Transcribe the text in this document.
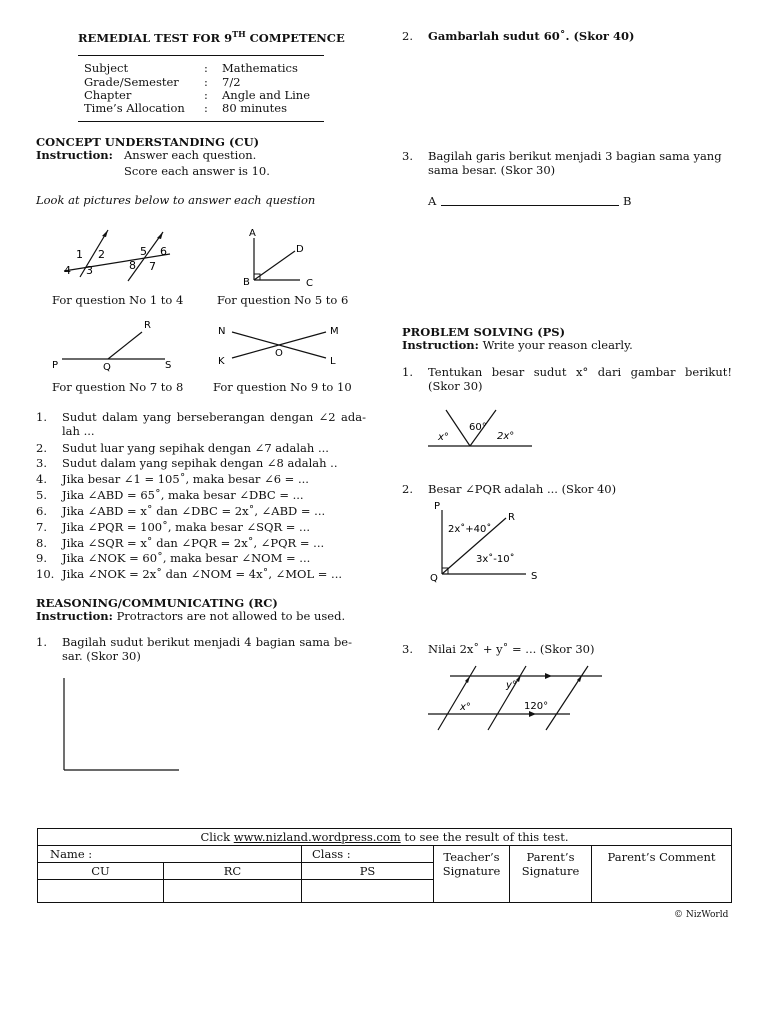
REMEDIAL TEST FOR 9TH COMPETENCE
Subject	:	Mathematics
Grade/Semester	:	7/2
Chapter	:	Angle and Line
Time’s Allocation	:	80 minutes
CONCEPT UNDERSTANDING (CU)
Instruction: Answer each question.
Score each answer is 10.
Look at pictures below to answer each question
1 2
4 3
5 6
8 7
A
D
B	C
For question No 1 to 4	For question No 5 to 6
R
P	Q	S
N	M
O
K	L
For question No 7 to 8	For question No 9 to 10
1.	Sudut dalam yang berseberangan dengan ∠2 ada-lah ...
2.	Sudut luar yang sepihak dengan ∠7 adalah ...
3.	Sudut dalam yang sepihak dengan ∠8 adalah ..
4.	Jika besar ∠1 = 105˚, maka besar ∠6 = ...
5.	Jika ∠ABD = 65˚, maka besar ∠DBC = ...
6.	Jika ∠ABD = x˚ dan ∠DBC = 2x˚, ∠ABD = ...
7.	Jika ∠PQR = 100˚, maka besar ∠SQR = ...
8.	Jika ∠SQR = x˚ dan ∠PQR = 2x˚, ∠PQR = ...
9.	Jika ∠NOK = 60˚, maka besar ∠NOM = ...
10. Jika ∠NOK = 2x˚ dan ∠NOM = 4x˚, ∠MOL = ...
REASONING/COMMUNICATING (RC)
Instruction: Protractors are not allowed to be used.
1.	Bagilah sudut berikut menjadi 4 bagian sama be-sar. (Skor 30)
2.	Gambarlah sudut 60˚. (Skor 40)
3.	Bagilah garis berikut menjadi 3 bagian sama yang sama besar. (Skor 30)
A	B
PROBLEM SOLVING (PS)
Instruction: Write your reason clearly.
1.	Tentukan besar sudut x° dari gambar berikut! (Skor 30)
60°
x°	2x°
2.	Besar ∠PQR adalah ... (Skor 40)
P
R
2x˚+40˚
3x˚-10˚
Q	S
3.	Nilai 2x˚ + y˚ = ... (Skor 30)
y°
x°	120°
Click www.nizland.wordpress.com to see the result of this test.					
Name :		Class :	Teacher’s Signature	Parent’s Signature	Parent’s Comment
CU	RC	PS			

© NizWorld
